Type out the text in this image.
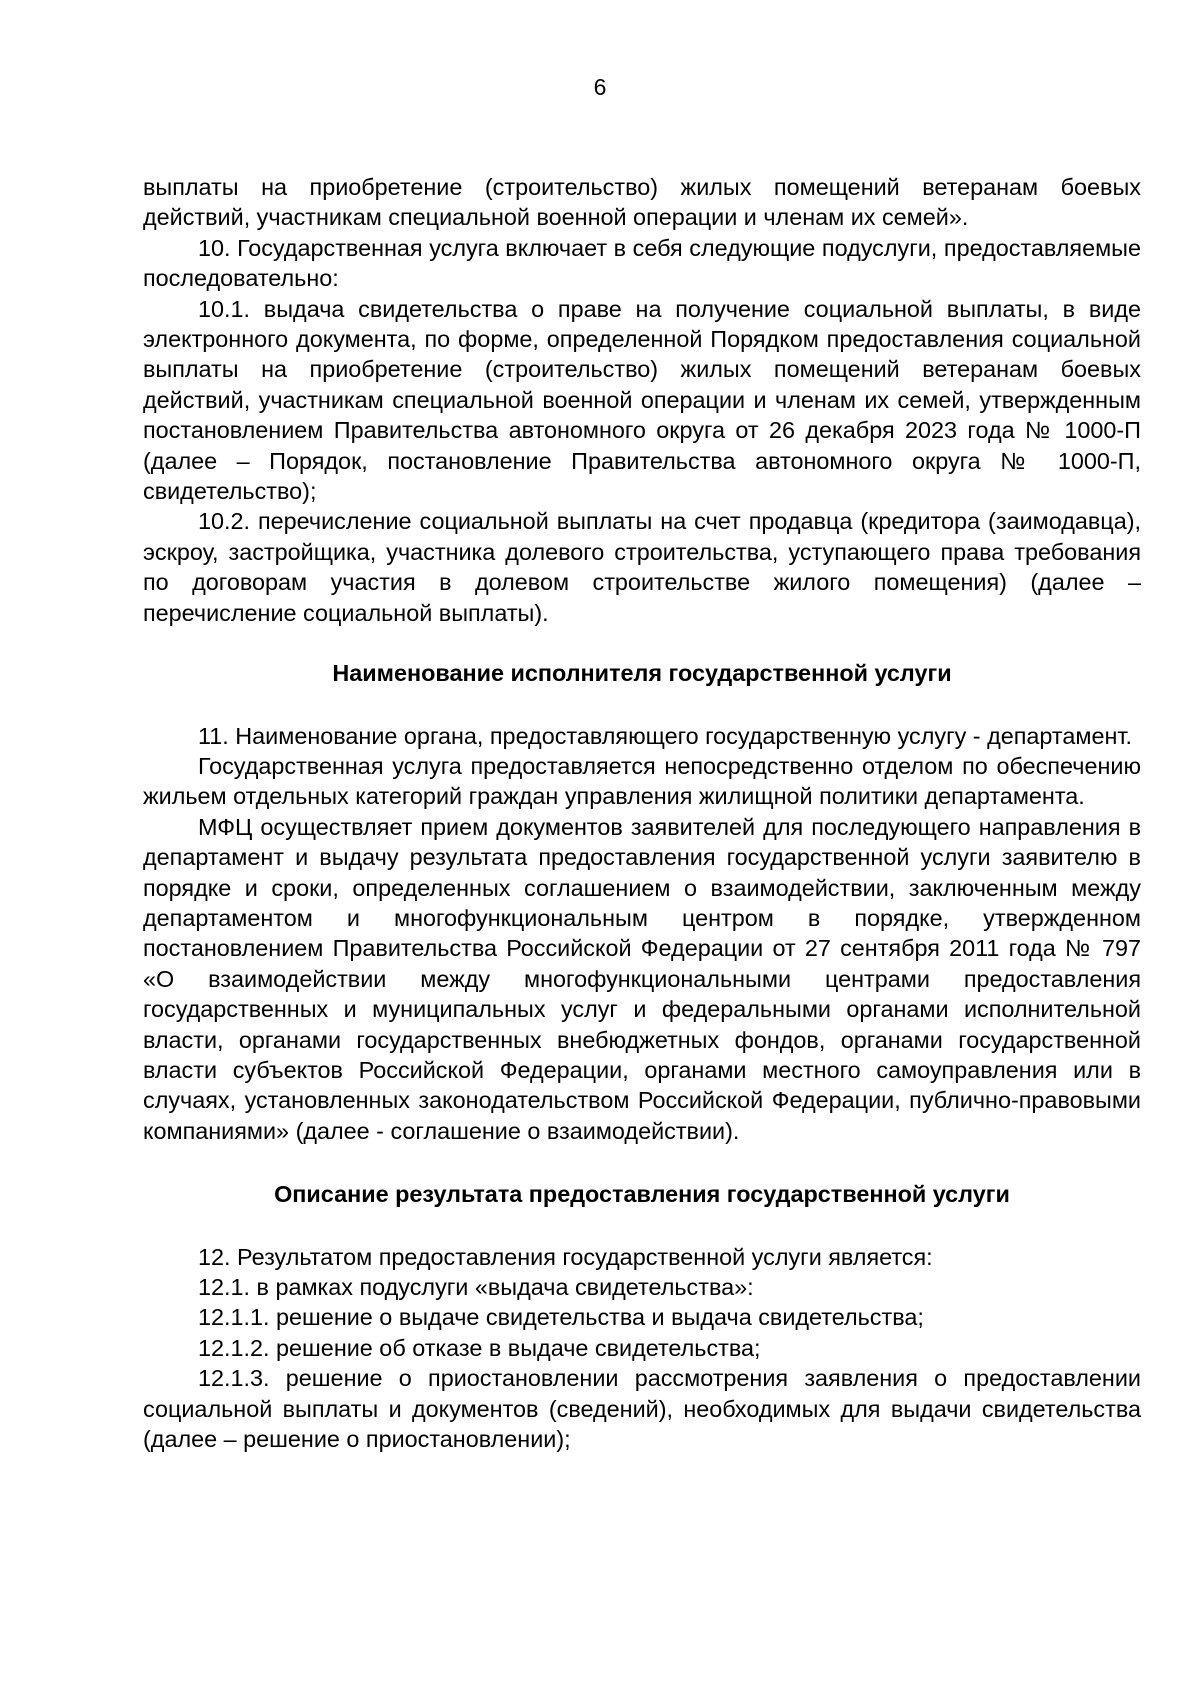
6

выплаты на приобретение (строительство) жилых помещений ветеранам боевых действий, участникам специальной военной операции и членам их семей».

10. Государственная услуга включает в себя следующие подуслуги, предоставляемые последовательно:

10.1. выдача свидетельства о праве на получение социальной выплаты, в виде электронного документа, по форме, определенной Порядком предоставления социальной выплаты на приобретение (строительство) жилых помещений ветеранам боевых действий, участникам специальной военной операции и членам их семей, утвержденным постановлением Правительства автономного округа от 26 декабря 2023 года № 1000-П (далее – Порядок, постановление Правительства автономного округа № 1000-П, свидетельство);

10.2. перечисление социальной выплаты на счет продавца (кредитора (заимодавца), эскроу, застройщика, участника долевого строительства, уступающего права требования по договорам участия в долевом строительстве жилого помещения) (далее – перечисление социальной выплаты).

Наименование исполнителя государственной услуги

11. Наименование органа, предоставляющего государственную услугу - департамент.

Государственная услуга предоставляется непосредственно отделом по обеспечению жильем отдельных категорий граждан управления жилищной политики департамента.

МФЦ осуществляет прием документов заявителей для последующего направления в департамент и выдачу результата предоставления государственной услуги заявителю в порядке и сроки, определенных соглашением о взаимодействии, заключенным между департаментом и многофункциональным центром в порядке, утвержденном постановлением Правительства Российской Федерации от 27 сентября 2011 года № 797 «О взаимодействии между многофункциональными центрами предоставления государственных и муниципальных услуг и федеральными органами исполнительной власти, органами государственных внебюджетных фондов, органами государственной власти субъектов Российской Федерации, органами местного самоуправления или в случаях, установленных законодательством Российской Федерации, публично-правовыми компаниями» (далее - соглашение о взаимодействии).

Описание результата предоставления государственной услуги

12. Результатом предоставления государственной услуги является:

12.1. в рамках подуслуги «выдача свидетельства»:

12.1.1. решение о выдаче свидетельства и выдача свидетельства;

12.1.2. решение об отказе в выдаче свидетельства;

12.1.3. решение о приостановлении рассмотрения заявления о предоставлении социальной выплаты и документов (сведений), необходимых для выдачи свидетельства (далее – решение о приостановлении);
